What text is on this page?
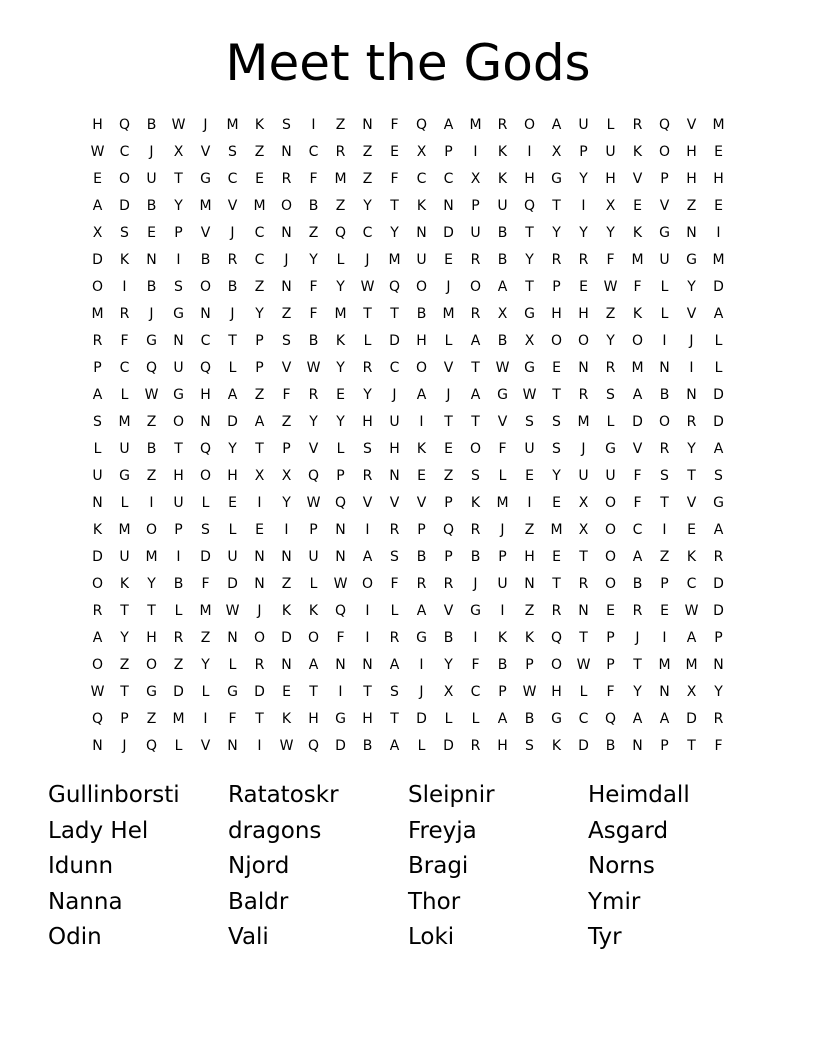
Meet the Gods
H	Q	B	W	J	M	K	S	I	Z	N	F	Q	A	M	R	O	A	U	L	R	Q	V	M
W	C	J	X	V	S	Z	N	C	R	Z	E	X	P	I	K	I	X	P	U	K	O	H	E
E	O	U	T	G	C	E	R	F	M	Z	F	C	C	X	K	H	G	Y	H	V	P	H	H
A	D	B	Y	M	V	M	O	B	Z	Y	T	K	N	P	U	Q	T	I	X	E	V	Z	E
X	S	E	P	V	J	C	N	Z	Q	C	Y	N	D	U	B	T	Y	Y	Y	K	G	N	I
D	K	N	I	B	R	C	J	Y	L	J	M	U	E	R	B	Y	R	R	F	M	U	G	M
O	I	B	S	O	B	Z	N	F	Y	W	Q	O	J	O	A	T	P	E	W	F	L	Y	D
M	R	J	G	N	J	Y	Z	F	M	T	T	B	M	R	X	G	H	H	Z	K	L	V	A
R	F	G	N	C	T	P	S	B	K	L	D	H	L	A	B	X	O	O	Y	O	I	J	L
P	C	Q	U	Q	L	P	V	W	Y	R	C	O	V	T	W	G	E	N	R	M	N	I	L
A	L	W	G	H	A	Z	F	R	E	Y	J	A	J	A	G	W	T	R	S	A	B	N	D
S	M	Z	O	N	D	A	Z	Y	Y	H	U	I	T	T	V	S	S	M	L	D	O	R	D
L	U	B	T	Q	Y	T	P	V	L	S	H	K	E	O	F	U	S	J	G	V	R	Y	A
U	G	Z	H	O	H	X	X	Q	P	R	N	E	Z	S	L	E	Y	U	U	F	S	T	S
N	L	I	U	L	E	I	Y	W	Q	V	V	V	P	K	M	I	E	X	O	F	T	V	G
K	M	O	P	S	L	E	I	P	N	I	R	P	Q	R	J	Z	M	X	O	C	I	E	A
D	U	M	I	D	U	N	N	U	N	A	S	B	P	B	P	H	E	T	O	A	Z	K	R
O	K	Y	B	F	D	N	Z	L	W	O	F	R	R	J	U	N	T	R	O	B	P	C	D
R	T	T	L	M	W	J	K	K	Q	I	L	A	V	G	I	Z	R	N	E	R	E	W	D
A	Y	H	R	Z	N	O	D	O	F	I	R	G	B	I	K	K	Q	T	P	J	I	A	P
O	Z	O	Z	Y	L	R	N	A	N	N	A	I	Y	F	B	P	O	W	P	T	M	M	N
W	T	G	D	L	G	D	E	T	I	T	S	J	X	C	P	W	H	L	F	Y	N	X	Y
Q	P	Z	M	I	F	T	K	H	G	H	T	D	L	L	A	B	G	C	Q	A	A	D	R
N	J	Q	L	V	N	I	W	Q	D	B	A	L	D	R	H	S	K	D	B	N	P	T	F
Gullinborsti	Ratatoskr	Sleipnir	Heimdall
Lady Hel	dragons	Freyja	Asgard
Idunn	Njord	Bragi	Norns
Nanna	Baldr	Thor	Ymir
Odin	Vali	Loki	Tyr
